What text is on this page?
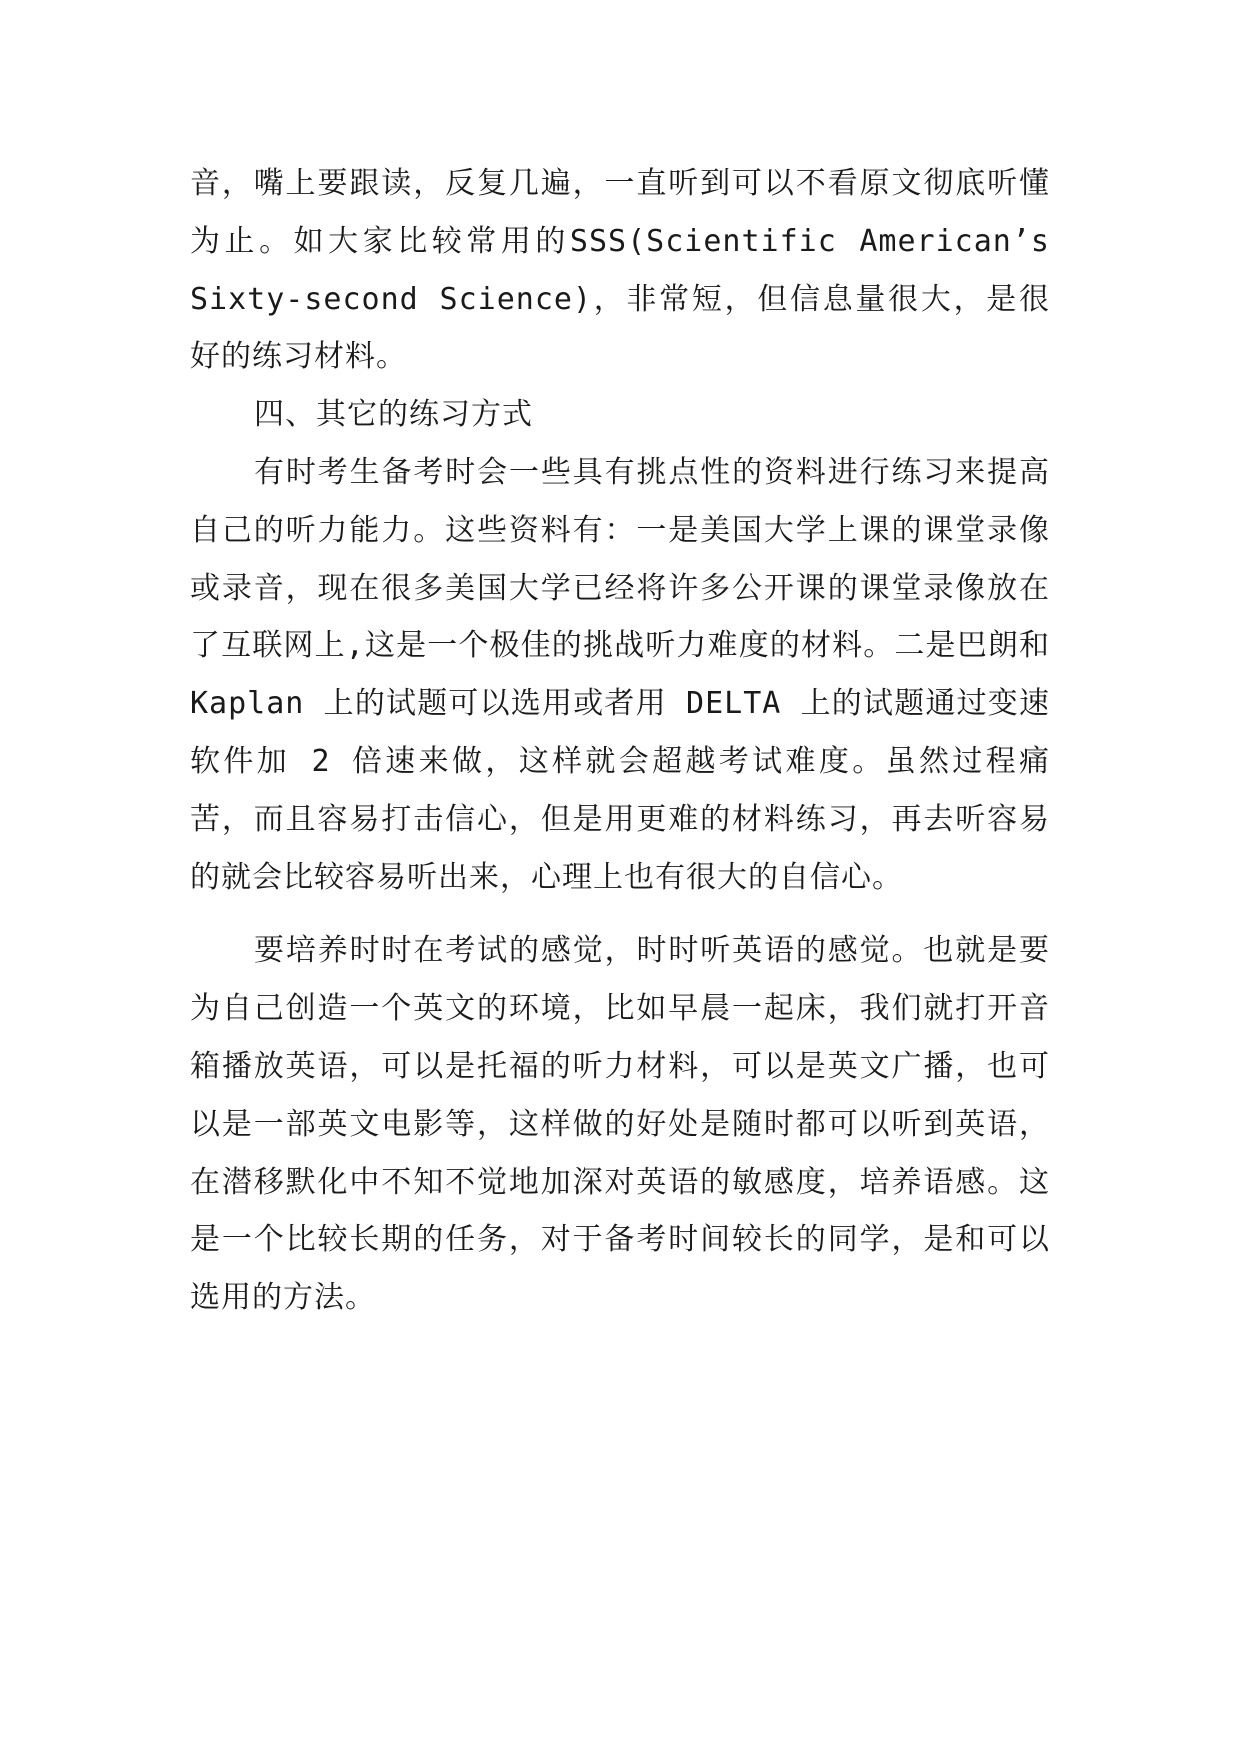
音，嘴上要跟读，反复几遍，一直听到可以不看原文彻底听懂为止。如大家比较常用的SSS(Scientific American’s Sixty-second Science)，非常短，但信息量很大，是很好的练习材料。

四、其它的练习方式

有时考生备考时会一些具有挑点性的资料进行练习来提高自己的听力能力。这些资料有：一是美国大学上课的课堂录像或录音，现在很多美国大学已经将许多公开课的课堂录像放在了互联网上,这是一个极佳的挑战听力难度的材料。二是巴朗和 Kaplan 上的试题可以选用或者用 DELTA 上的试题通过变速软件加 2 倍速来做，这样就会超越考试难度。虽然过程痛苦，而且容易打击信心，但是用更难的材料练习，再去听容易的就会比较容易听出来，心理上也有很大的自信心。

要培养时时在考试的感觉，时时听英语的感觉。也就是要为自己创造一个英文的环境，比如早晨一起床，我们就打开音箱播放英语，可以是托福的听力材料，可以是英文广播，也可以是一部英文电影等，这样做的好处是随时都可以听到英语，在潜移默化中不知不觉地加深对英语的敏感度，培养语感。这是一个比较长期的任务，对于备考时间较长的同学，是和可以选用的方法。
